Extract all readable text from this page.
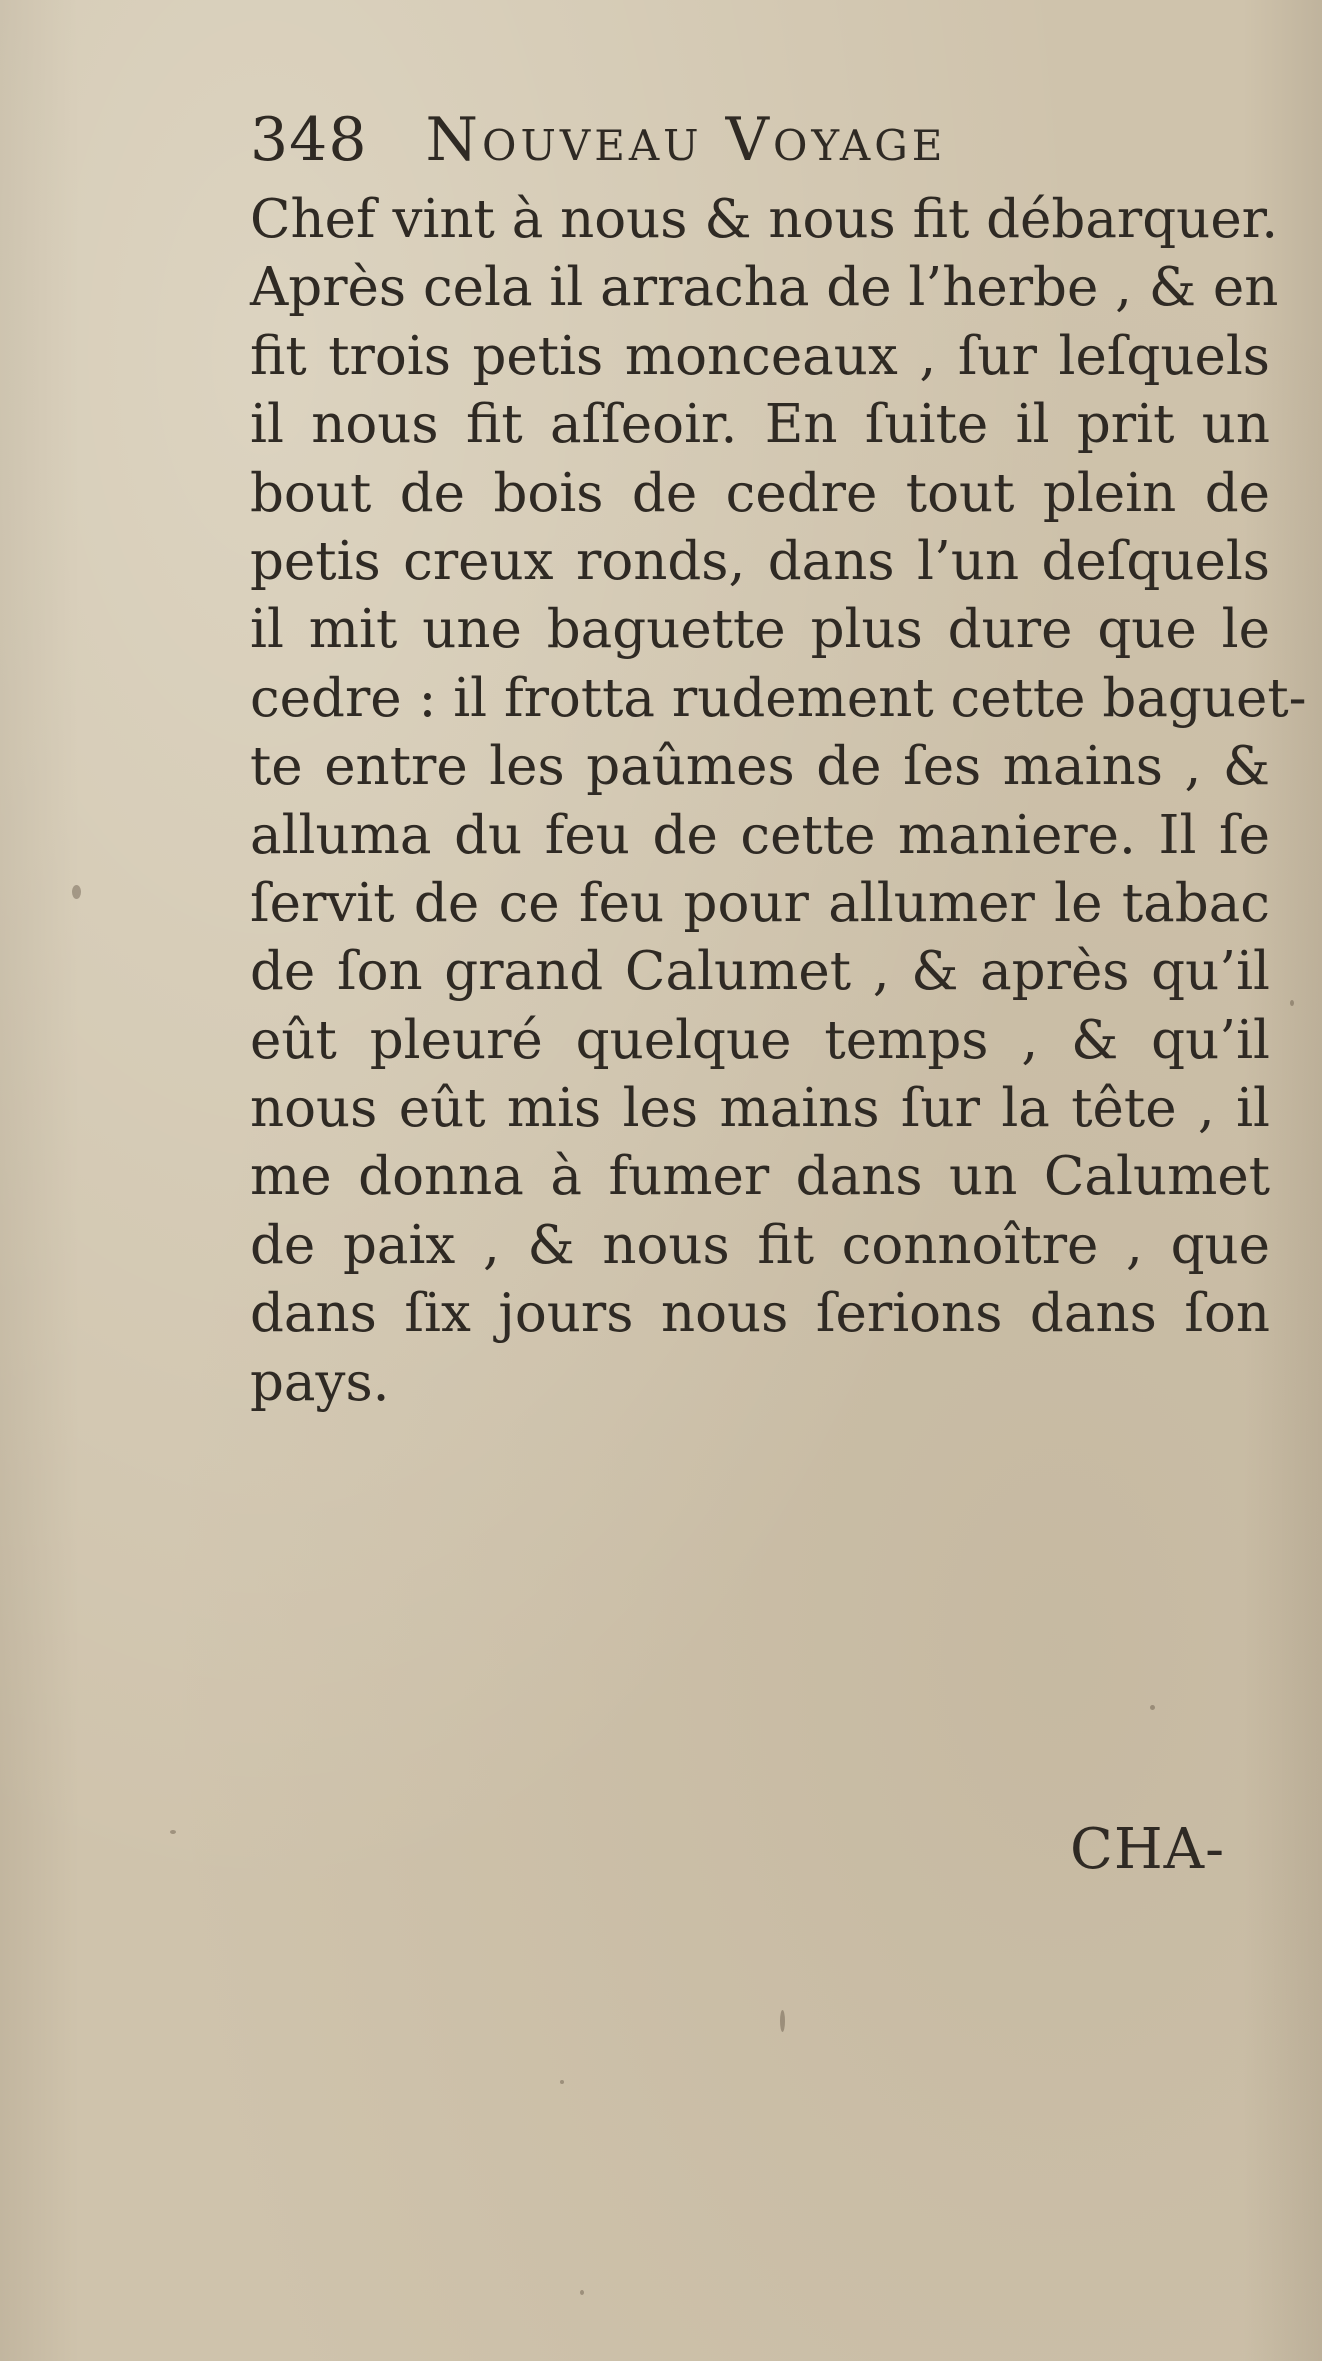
348 Nouveau Voyage
Chef vint à nous & nous fit débarquer.
Après cela il arracha de l’herbe , & en
fit trois petis monceaux , ſur leſquels
il nous fit aſſeoir. En ſuite il prit un
bout de bois de cedre tout plein de
petis creux ronds, dans l’un deſquels
il mit une baguette plus dure que le
cedre : il frotta rudement cette baguet-
te entre les paûmes de ſes mains , &
alluma du feu de cette maniere. Il ſe
ſervit de ce feu pour allumer le tabac
de ſon grand Calumet , & après qu’il
eût pleuré quelque temps , & qu’il
nous eût mis les mains ſur la tête , il
me donna à fumer dans un Calumet
de paix , & nous fit connoître , que
dans ſix jours nous ſerions dans ſon
pays.
CHA-
